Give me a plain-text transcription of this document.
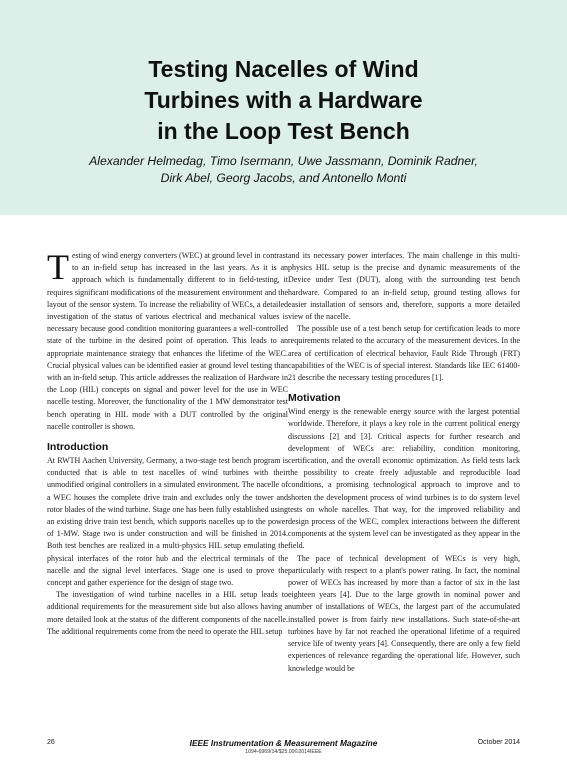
Testing Nacelles of Wind
Turbines with a Hardware
in the Loop Test Bench
Alexander Helmedag, Timo Isermann, Uwe Jassmann, Dominik Radner,
Dirk Abel, Georg Jacobs, and Antonello Monti

Testing of wind energy converters (WEC) at ground level in contrast to an in-field setup has increased in the last years. As it is an approach which is fundamentally different to in field-testing, it requires significant modifications of the measurement environment and the layout of the sensor system. To increase the reliability of WECs, a detailed investigation of the status of various electrical and mechanical values is necessary because good condition monitoring guarantees a well-controlled state of the turbine in the desired point of operation. This leads to an appropriate maintenance strategy that enhances the lifetime of the WEC. Crucial physical values can be identified easier at ground level testing than with an in-field setup. This article addresses the realization of Hardware in the Loop (HIL) concepts on signal and power level for the use in WEC nacelle testing. Moreover, the functionality of the 1 MW demonstrator test bench operating in HIL mode with a DUT controlled by the original nacelle controller is shown.

Introduction

At RWTH Aachen University, Germany, a two-stage test bench program is conducted that is able to test nacelles of wind turbines with their unmodified original controllers in a simulated environment. The nacelle of a WEC houses the complete drive train and excludes only the tower and rotor blades of the wind turbine. Stage one has been fully established using an existing drive train test bench, which supports nacelles up to the power of 1-MW. Stage two is under construction and will be finished in 2014. Both test benches are realized in a multi-physics HIL setup emulating the physical interfaces of the rotor hub and the electrical terminals of the nacelle and the signal level interfaces. Stage one is used to prove the concept and gather experience for the design of stage two.

The investigation of wind turbine nacelles in a HIL setup leads to additional requirements for the measurement side but also allows having a more detailed look at the status of the different components of the nacelle. The additional requirements come from the need to operate the HIL setup

and its necessary power interfaces. The main challenge in this multi-physics HIL setup is the precise and dynamic measurements of the Device under Test (DUT), along with the surrounding test bench hardware. Compared to an in-field setup, ground testing allows for easier installation of sensors and, therefore, supports a more detailed view of the nacelle.

The possible use of a test bench setup for certification leads to more requirements related to the accuracy of the measurement devices. In the area of certification of electrical behavior, Fault Ride Through (FRT) capabilities of the WEC is of special interest. Standards like IEC 61400-21 describe the necessary testing procedures [1].

Motivation

Wind energy is the renewable energy source with the largest potential worldwide. Therefore, it plays a key role in the current political energy discussions [2] and [3]. Critical aspects for further research and development of WECs are: reliability, condition monitoring, certification, and the overall economic optimization. As field tests lack the possibility to create freely adjustable and reproducible load conditions, a promising technological approach to improve and to shorten the development process of wind turbines is to do system level tests on whole nacelles. That way, for the improved reliability and design process of the WEC, complex interactions between the different components at the system level can be investigated as they appear in the field.

The pace of technical development of WECs is very high, particularly with respect to a plant's power rating. In fact, the nominal power of WECs has increased by more than a factor of six in the last eighteen years [4]. Due to the large growth in nominal power and number of installations of WECs, the largest part of the accumulated installed power is from fairly new installations. Such state-of-the-art turbines have by far not reached the operational lifetime of a required service life of twenty years [4]. Consequently, there are only a few field experiences of relevance regarding the operational life. However, such knowledge would be

26	IEEE Instrumentation & Measurement Magazine	October 2014
1094-6969/14/$25.00©2014IEEE
